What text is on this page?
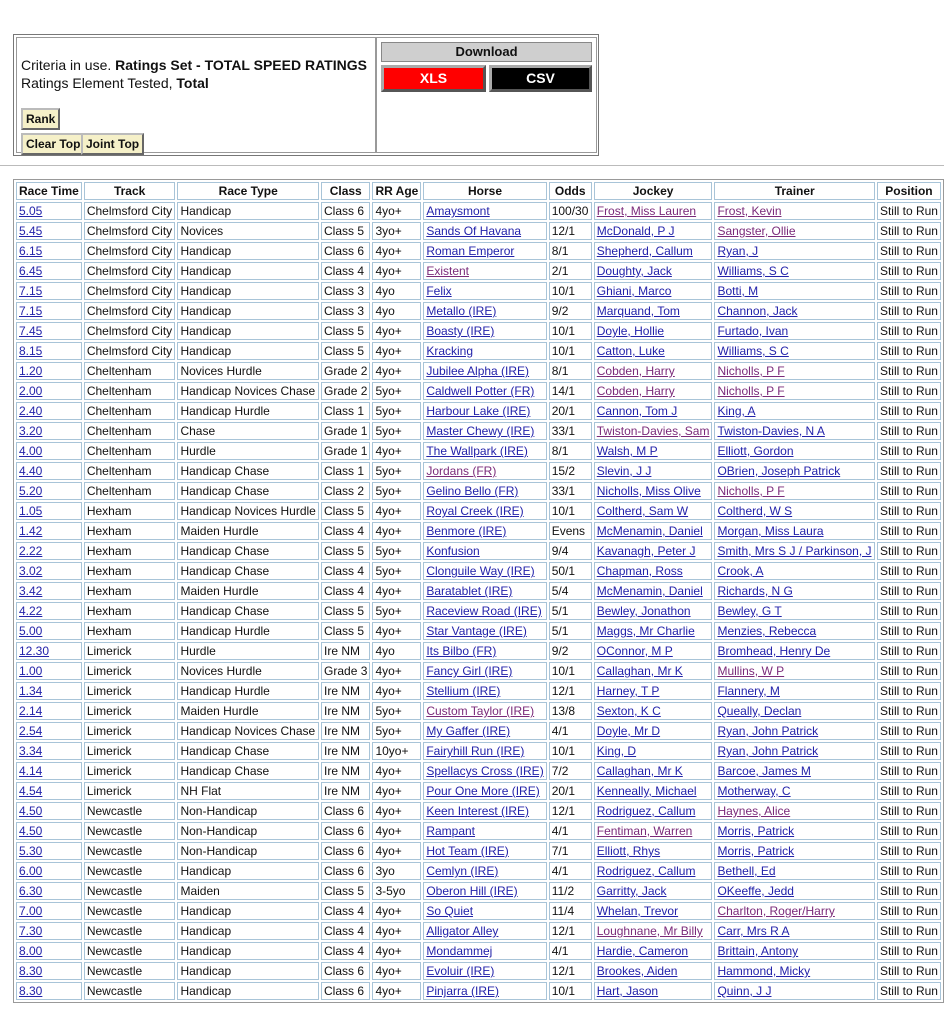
Criteria in use. Ratings Set - TOTAL SPEED RATINGS
Ratings Element Tested, Total
Rank
Clear Top Joint Top
Download
XLS	CSV
Race Time	Track	Race Type	Class	RR Age	Horse	Odds	Jockey	Trainer	Position
5.05	Chelmsford City	Handicap	Class 6	4yo+	Amaysmont	100/30	Frost, Miss Lauren	Frost, Kevin	Still to Run
5.45	Chelmsford City	Novices	Class 5	3yo+	Sands Of Havana	12/1	McDonald, P J	Sangster, Ollie	Still to Run
6.15	Chelmsford City	Handicap	Class 6	4yo+	Roman Emperor	8/1	Shepherd, Callum	Ryan, J	Still to Run
6.45	Chelmsford City	Handicap	Class 4	4yo+	Existent	2/1	Doughty, Jack	Williams, S C	Still to Run
7.15	Chelmsford City	Handicap	Class 3	4yo	Felix	10/1	Ghiani, Marco	Botti, M	Still to Run
7.15	Chelmsford City	Handicap	Class 3	4yo	Metallo (IRE)	9/2	Marquand, Tom	Channon, Jack	Still to Run
7.45	Chelmsford City	Handicap	Class 5	4yo+	Boasty (IRE)	10/1	Doyle, Hollie	Furtado, Ivan	Still to Run
8.15	Chelmsford City	Handicap	Class 5	4yo+	Kracking	10/1	Catton, Luke	Williams, S C	Still to Run
1.20	Cheltenham	Novices Hurdle	Grade 2	4yo+	Jubilee Alpha (IRE)	8/1	Cobden, Harry	Nicholls, P F	Still to Run
2.00	Cheltenham	Handicap Novices Chase	Grade 2	5yo+	Caldwell Potter (FR)	14/1	Cobden, Harry	Nicholls, P F	Still to Run
2.40	Cheltenham	Handicap Hurdle	Class 1	5yo+	Harbour Lake (IRE)	20/1	Cannon, Tom J	King, A	Still to Run
3.20	Cheltenham	Chase	Grade 1	5yo+	Master Chewy (IRE)	33/1	Twiston-Davies, Sam	Twiston-Davies, N A	Still to Run
4.00	Cheltenham	Hurdle	Grade 1	4yo+	The Wallpark (IRE)	8/1	Walsh, M P	Elliott, Gordon	Still to Run
4.40	Cheltenham	Handicap Chase	Class 1	5yo+	Jordans (FR)	15/2	Slevin, J J	OBrien, Joseph Patrick	Still to Run
5.20	Cheltenham	Handicap Chase	Class 2	5yo+	Gelino Bello (FR)	33/1	Nicholls, Miss Olive	Nicholls, P F	Still to Run
1.05	Hexham	Handicap Novices Hurdle	Class 5	4yo+	Royal Creek (IRE)	10/1	Coltherd, Sam W	Coltherd, W S	Still to Run
1.42	Hexham	Maiden Hurdle	Class 4	4yo+	Benmore (IRE)	Evens	McMenamin, Daniel	Morgan, Miss Laura	Still to Run
2.22	Hexham	Handicap Chase	Class 5	5yo+	Konfusion	9/4	Kavanagh, Peter J	Smith, Mrs S J / Parkinson, J	Still to Run
3.02	Hexham	Handicap Chase	Class 4	5yo+	Clonguile Way (IRE)	50/1	Chapman, Ross	Crook, A	Still to Run
3.42	Hexham	Maiden Hurdle	Class 4	4yo+	Baratablet (IRE)	5/4	McMenamin, Daniel	Richards, N G	Still to Run
4.22	Hexham	Handicap Chase	Class 5	5yo+	Raceview Road (IRE)	5/1	Bewley, Jonathon	Bewley, G T	Still to Run
5.00	Hexham	Handicap Hurdle	Class 5	4yo+	Star Vantage (IRE)	5/1	Maggs, Mr Charlie	Menzies, Rebecca	Still to Run
12.30	Limerick	Hurdle	Ire NM	4yo	Its Bilbo (FR)	9/2	OConnor, M P	Bromhead, Henry De	Still to Run
1.00	Limerick	Novices Hurdle	Grade 3	4yo+	Fancy Girl (IRE)	10/1	Callaghan, Mr K	Mullins, W P	Still to Run
1.34	Limerick	Handicap Hurdle	Ire NM	4yo+	Stellium (IRE)	12/1	Harney, T P	Flannery, M	Still to Run
2.14	Limerick	Maiden Hurdle	Ire NM	5yo+	Custom Taylor (IRE)	13/8	Sexton, K C	Queally, Declan	Still to Run
2.54	Limerick	Handicap Novices Chase	Ire NM	5yo+	My Gaffer (IRE)	4/1	Doyle, Mr D	Ryan, John Patrick	Still to Run
3.34	Limerick	Handicap Chase	Ire NM	10yo+	Fairyhill Run (IRE)	10/1	King, D	Ryan, John Patrick	Still to Run
4.14	Limerick	Handicap Chase	Ire NM	4yo+	Spellacys Cross (IRE)	7/2	Callaghan, Mr K	Barcoe, James M	Still to Run
4.54	Limerick	NH Flat	Ire NM	4yo+	Pour One More (IRE)	20/1	Kenneally, Michael	Motherway, C	Still to Run
4.50	Newcastle	Non-Handicap	Class 6	4yo+	Keen Interest (IRE)	12/1	Rodriguez, Callum	Haynes, Alice	Still to Run
4.50	Newcastle	Non-Handicap	Class 6	4yo+	Rampant	4/1	Fentiman, Warren	Morris, Patrick	Still to Run
5.30	Newcastle	Non-Handicap	Class 6	4yo+	Hot Team (IRE)	7/1	Elliott, Rhys	Morris, Patrick	Still to Run
6.00	Newcastle	Handicap	Class 6	3yo	Cemlyn (IRE)	4/1	Rodriguez, Callum	Bethell, Ed	Still to Run
6.30	Newcastle	Maiden	Class 5	3-5yo	Oberon Hill (IRE)	11/2	Garritty, Jack	OKeeffe, Jedd	Still to Run
7.00	Newcastle	Handicap	Class 4	4yo+	So Quiet	11/4	Whelan, Trevor	Charlton, Roger/Harry	Still to Run
7.30	Newcastle	Handicap	Class 4	4yo+	Alligator Alley	12/1	Loughnane, Mr Billy	Carr, Mrs R A	Still to Run
8.00	Newcastle	Handicap	Class 4	4yo+	Mondammej	4/1	Hardie, Cameron	Brittain, Antony	Still to Run
8.30	Newcastle	Handicap	Class 6	4yo+	Evoluir (IRE)	12/1	Brookes, Aiden	Hammond, Micky	Still to Run
8.30	Newcastle	Handicap	Class 6	4yo+	Pinjarra (IRE)	10/1	Hart, Jason	Quinn, J J	Still to Run
